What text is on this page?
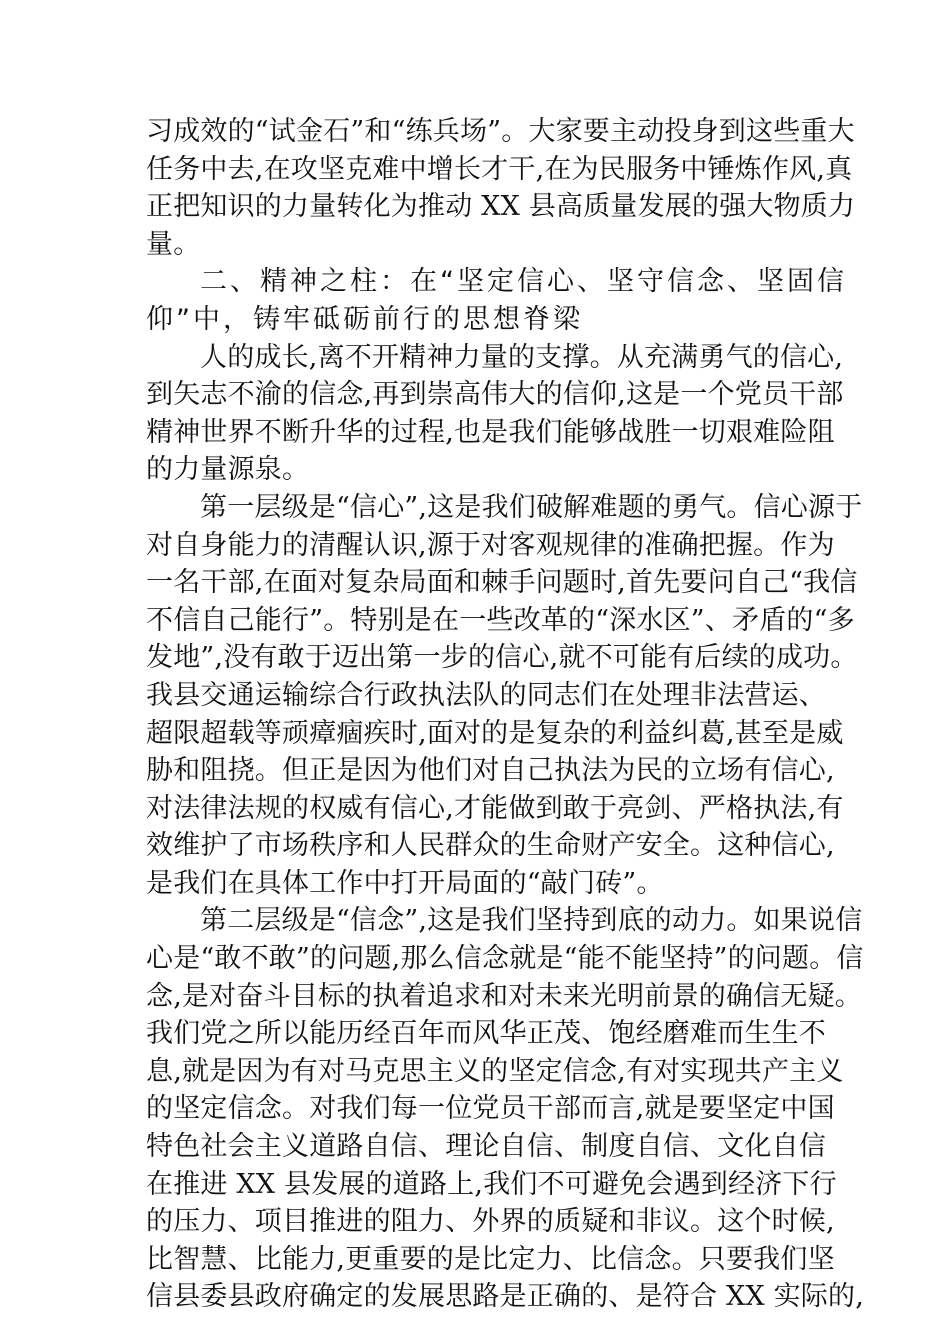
习成效的“试金石”和“练兵场”。大家要主动投身到这些重大
任务中去,在攻坚克难中增长才干,在为民服务中锤炼作风,真
正把知识的力量转化为推动 XX 县高质量发展的强大物质力
量。
二、精神之柱：在“坚定信心、坚守信念、坚固信
仰”中，铸牢砥砺前行的思想脊梁
人的成长,离不开精神力量的支撑。从充满勇气的信心,
到矢志不渝的信念,再到崇高伟大的信仰,这是一个党员干部
精神世界不断升华的过程,也是我们能够战胜一切艰难险阻
的力量源泉。
第一层级是“信心”,这是我们破解难题的勇气。信心源于
对自身能力的清醒认识,源于对客观规律的准确把握。作为
一名干部,在面对复杂局面和棘手问题时,首先要问自己“我信
不信自己能行”。特别是在一些改革的“深水区”、矛盾的“多
发地”,没有敢于迈出第一步的信心,就不可能有后续的成功。
我县交通运输综合行政执法队的同志们在处理非法营运、
超限超载等顽瘴痼疾时,面对的是复杂的利益纠葛,甚至是威
胁和阻挠。但正是因为他们对自己执法为民的立场有信心,
对法律法规的权威有信心,才能做到敢于亮剑、严格执法,有
效维护了市场秩序和人民群众的生命财产安全。这种信心,
是我们在具体工作中打开局面的“敲门砖”。
第二层级是“信念”,这是我们坚持到底的动力。如果说信
心是“敢不敢”的问题,那么信念就是“能不能坚持”的问题。信
念,是对奋斗目标的执着追求和对未来光明前景的确信无疑。
我们党之所以能历经百年而风华正茂、饱经磨难而生生不
息,就是因为有对马克思主义的坚定信念,有对实现共产主义
的坚定信念。对我们每一位党员干部而言,就是要坚定中国
特色社会主义道路自信、理论自信、制度自信、文化自信
在推进 XX 县发展的道路上,我们不可避免会遇到经济下行
的压力、项目推进的阻力、外界的质疑和非议。这个时候,
比智慧、比能力,更重要的是比定力、比信念。只要我们坚
信县委县政府确定的发展思路是正确的、是符合 XX 实际的,
